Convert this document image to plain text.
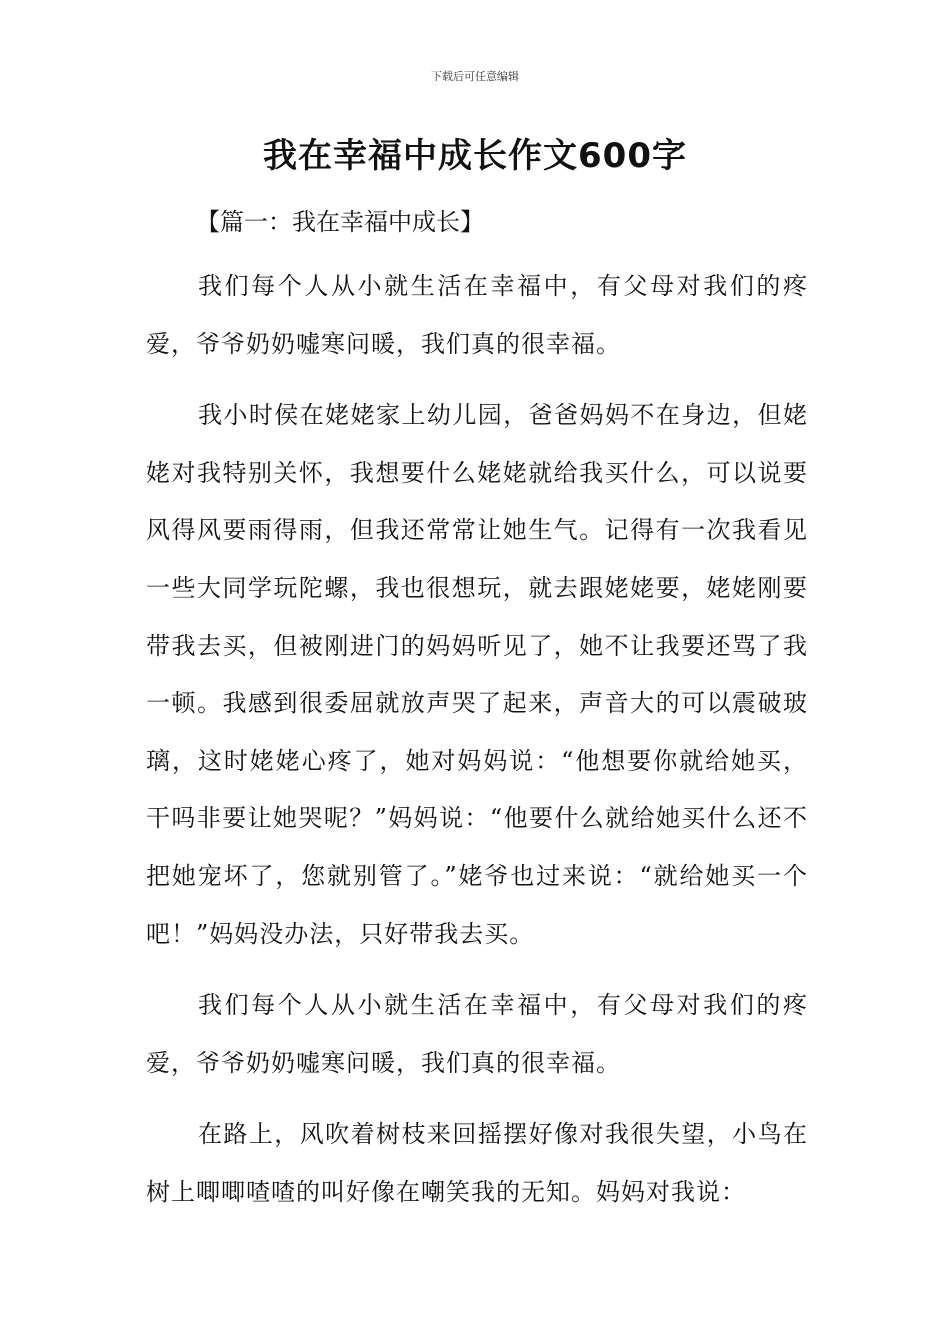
下载后可任意编辑
我在幸福中成长作文600字

【篇一：我在幸福中成长】

我们每个人从小就生活在幸福中，有父母对我们的疼爱，爷爷奶奶嘘寒问暖，我们真的很幸福。

我小时侯在姥姥家上幼儿园，爸爸妈妈不在身边，但姥姥对我特别关怀，我想要什么姥姥就给我买什么，可以说要风得风要雨得雨，但我还常常让她生气。记得有一次我看见一些大同学玩陀螺，我也很想玩，就去跟姥姥要，姥姥刚要带我去买，但被刚进门的妈妈听见了，她不让我要还骂了我一顿。我感到很委屈就放声哭了起来，声音大的可以震破玻璃，这时姥姥心疼了，她对妈妈说：“他想要你就给她买，干吗非要让她哭呢？”妈妈说：“他要什么就给她买什么还不把她宠坏了，您就别管了。”姥爷也过来说：“就给她买一个吧！”妈妈没办法，只好带我去买。

我们每个人从小就生活在幸福中，有父母对我们的疼爱，爷爷奶奶嘘寒问暖，我们真的很幸福。

在路上，风吹着树枝来回摇摆好像对我很失望，小鸟在树上唧唧喳喳的叫好像在嘲笑我的无知。妈妈对我说：
